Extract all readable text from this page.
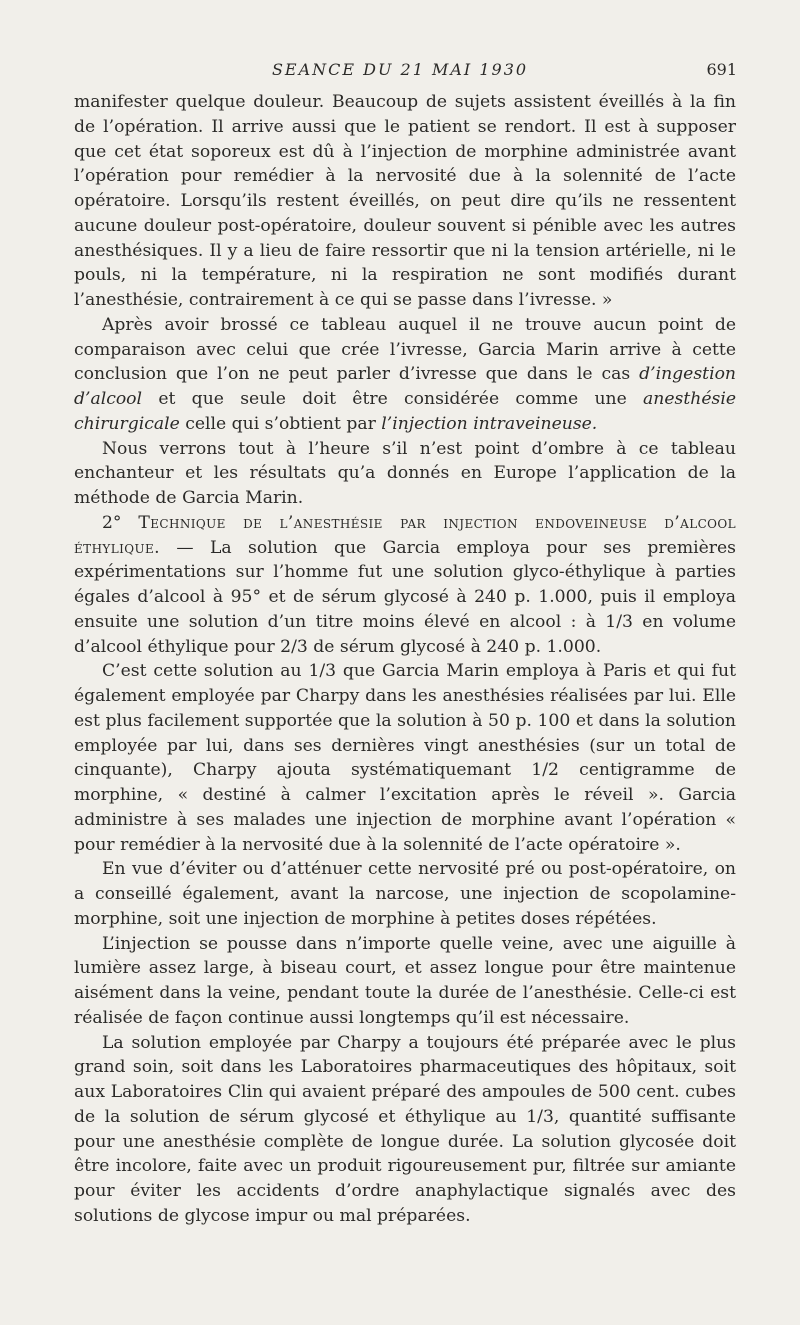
SEANCE DU 21 MAI 1930	691

manifester quelque douleur. Beaucoup de sujets assistent éveillés à la fin de l’opération. Il arrive aussi que le patient se rendort. Il est à supposer que cet état soporeux est dû à l’injection de morphine administrée avant l’opération pour remédier à la nervosité due à la solennité de l’acte opératoire. Lorsqu’ils restent éveillés, on peut dire qu’ils ne ressentent aucune douleur post-opératoire, douleur souvent si pénible avec les autres anesthésiques. Il y a lieu de faire ressortir que ni la tension artérielle, ni le pouls, ni la température, ni la respiration ne sont modifiés durant l’anesthésie, contrairement à ce qui se passe dans l’ivresse. »

Après avoir brossé ce tableau auquel il ne trouve aucun point de comparaison avec celui que crée l’ivresse, Garcia Marin arrive à cette conclusion que l’on ne peut parler d’ivresse que dans le cas d’ingestion d’alcool et que seule doit être considérée comme une anesthésie chirurgicale celle qui s’obtient par l’injection intraveineuse.

Nous verrons tout à l’heure s’il n’est point d’ombre à ce tableau enchanteur et les résultats qu’a donnés en Europe l’application de la méthode de Garcia Marin.

2° Technique de l’anesthésie par injection endoveineuse d’alcool éthylique. — La solution que Garcia employa pour ses premières expérimentations sur l’homme fut une solution glyco-éthylique à parties égales d’alcool à 95° et de sérum glycosé à 240 p. 1.000, puis il employa ensuite une solution d’un titre moins élevé en alcool : à 1/3 en volume d’alcool éthylique pour 2/3 de sérum glycosé à 240 p. 1.000.

C’est cette solution au 1/3 que Garcia Marin employa à Paris et qui fut également employée par Charpy dans les anesthésies réalisées par lui. Elle est plus facilement supportée que la solution à 50 p. 100 et dans la solution employée par lui, dans ses dernières vingt anesthésies (sur un total de cinquante), Charpy ajouta systématiquemant 1/2 centigramme de morphine, « destiné à calmer l’excitation après le réveil ». Garcia administre à ses malades une injection de morphine avant l’opération « pour remédier à la nervosité due à la solennité de l’acte opératoire ».

En vue d’éviter ou d’atténuer cette nervosité pré ou post-opératoire, on a conseillé également, avant la narcose, une injection de scopolamine-morphine, soit une injection de morphine à petites doses répétées.

L’injection se pousse dans n’importe quelle veine, avec une aiguille à lumière assez large, à biseau court, et assez longue pour être maintenue aisément dans la veine, pendant toute la durée de l’anesthésie. Celle-ci est réalisée de façon continue aussi longtemps qu’il est nécessaire.

La solution employée par Charpy a toujours été préparée avec le plus grand soin, soit dans les Laboratoires pharmaceutiques des hôpitaux, soit aux Laboratoires Clin qui avaient préparé des ampoules de 500 cent. cubes de la solution de sérum glycosé et éthylique au 1/3, quantité suffisante pour une anesthésie complète de longue durée. La solution glycosée doit être incolore, faite avec un produit rigoureusement pur, filtrée sur amiante pour éviter les accidents d’ordre anaphylactique signalés avec des solutions de glycose impur ou mal préparées.
